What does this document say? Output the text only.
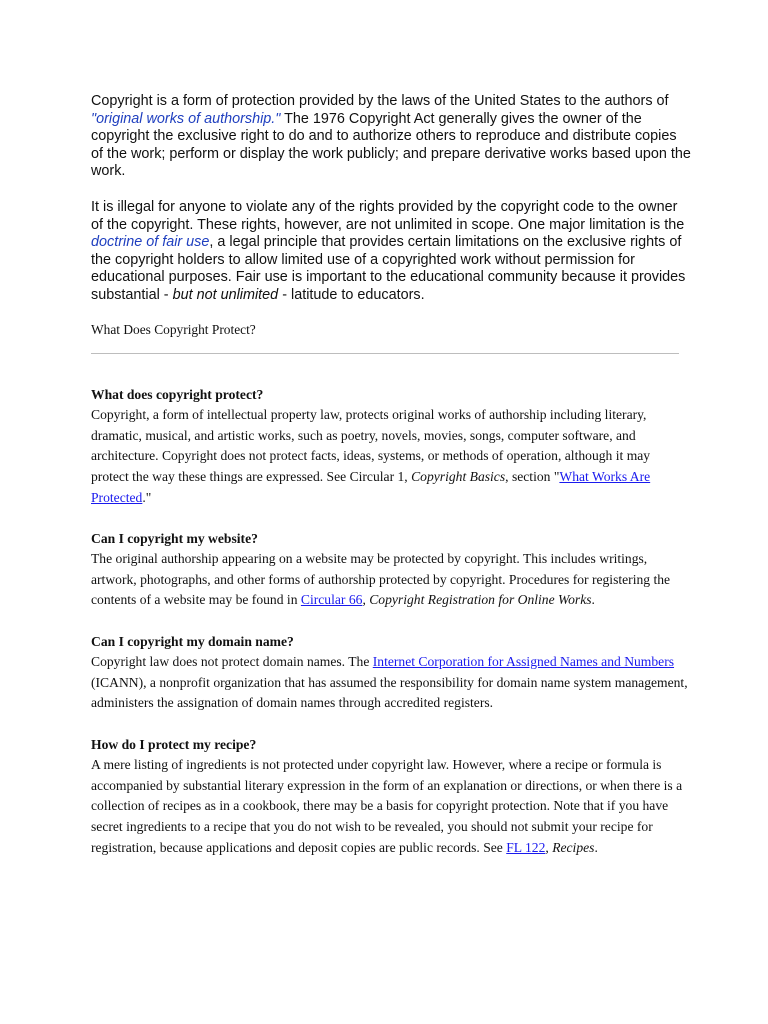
Copyright is a form of protection provided by the laws of the United States to the authors of "original works of authorship." The 1976 Copyright Act generally gives the owner of the copyright the exclusive right to do and to authorize others to reproduce and distribute copies of the work; perform or display the work publicly; and prepare derivative works based upon the work.

It is illegal for anyone to violate any of the rights provided by the copyright code to the owner of the copyright. These rights, however, are not unlimited in scope. One major limitation is the doctrine of fair use, a legal principle that provides certain limitations on the exclusive rights of the copyright holders to allow limited use of a copyrighted work without permission for educational purposes. Fair use is important to the educational community because it provides substantial - but not unlimited - latitude to educators.

What Does Copyright Protect?
What does copyright protect?

Copyright, a form of intellectual property law, protects original works of authorship including literary, dramatic, musical, and artistic works, such as poetry, novels, movies, songs, computer software, and architecture. Copyright does not protect facts, ideas, systems, or methods of operation, although it may protect the way these things are expressed. See Circular 1, Copyright Basics, section "What Works Are Protected."

Can I copyright my website?

The original authorship appearing on a website may be protected by copyright. This includes writings, artwork, photographs, and other forms of authorship protected by copyright. Procedures for registering the contents of a website may be found in Circular 66, Copyright Registration for Online Works.

Can I copyright my domain name?

Copyright law does not protect domain names. The Internet Corporation for Assigned Names and Numbers (ICANN), a nonprofit organization that has assumed the responsibility for domain name system management, administers the assignation of domain names through accredited registers.

How do I protect my recipe?

A mere listing of ingredients is not protected under copyright law. However, where a recipe or formula is accompanied by substantial literary expression in the form of an explanation or directions, or when there is a collection of recipes as in a cookbook, there may be a basis for copyright protection. Note that if you have secret ingredients to a recipe that you do not wish to be revealed, you should not submit your recipe for registration, because applications and deposit copies are public records. See FL 122, Recipes.
